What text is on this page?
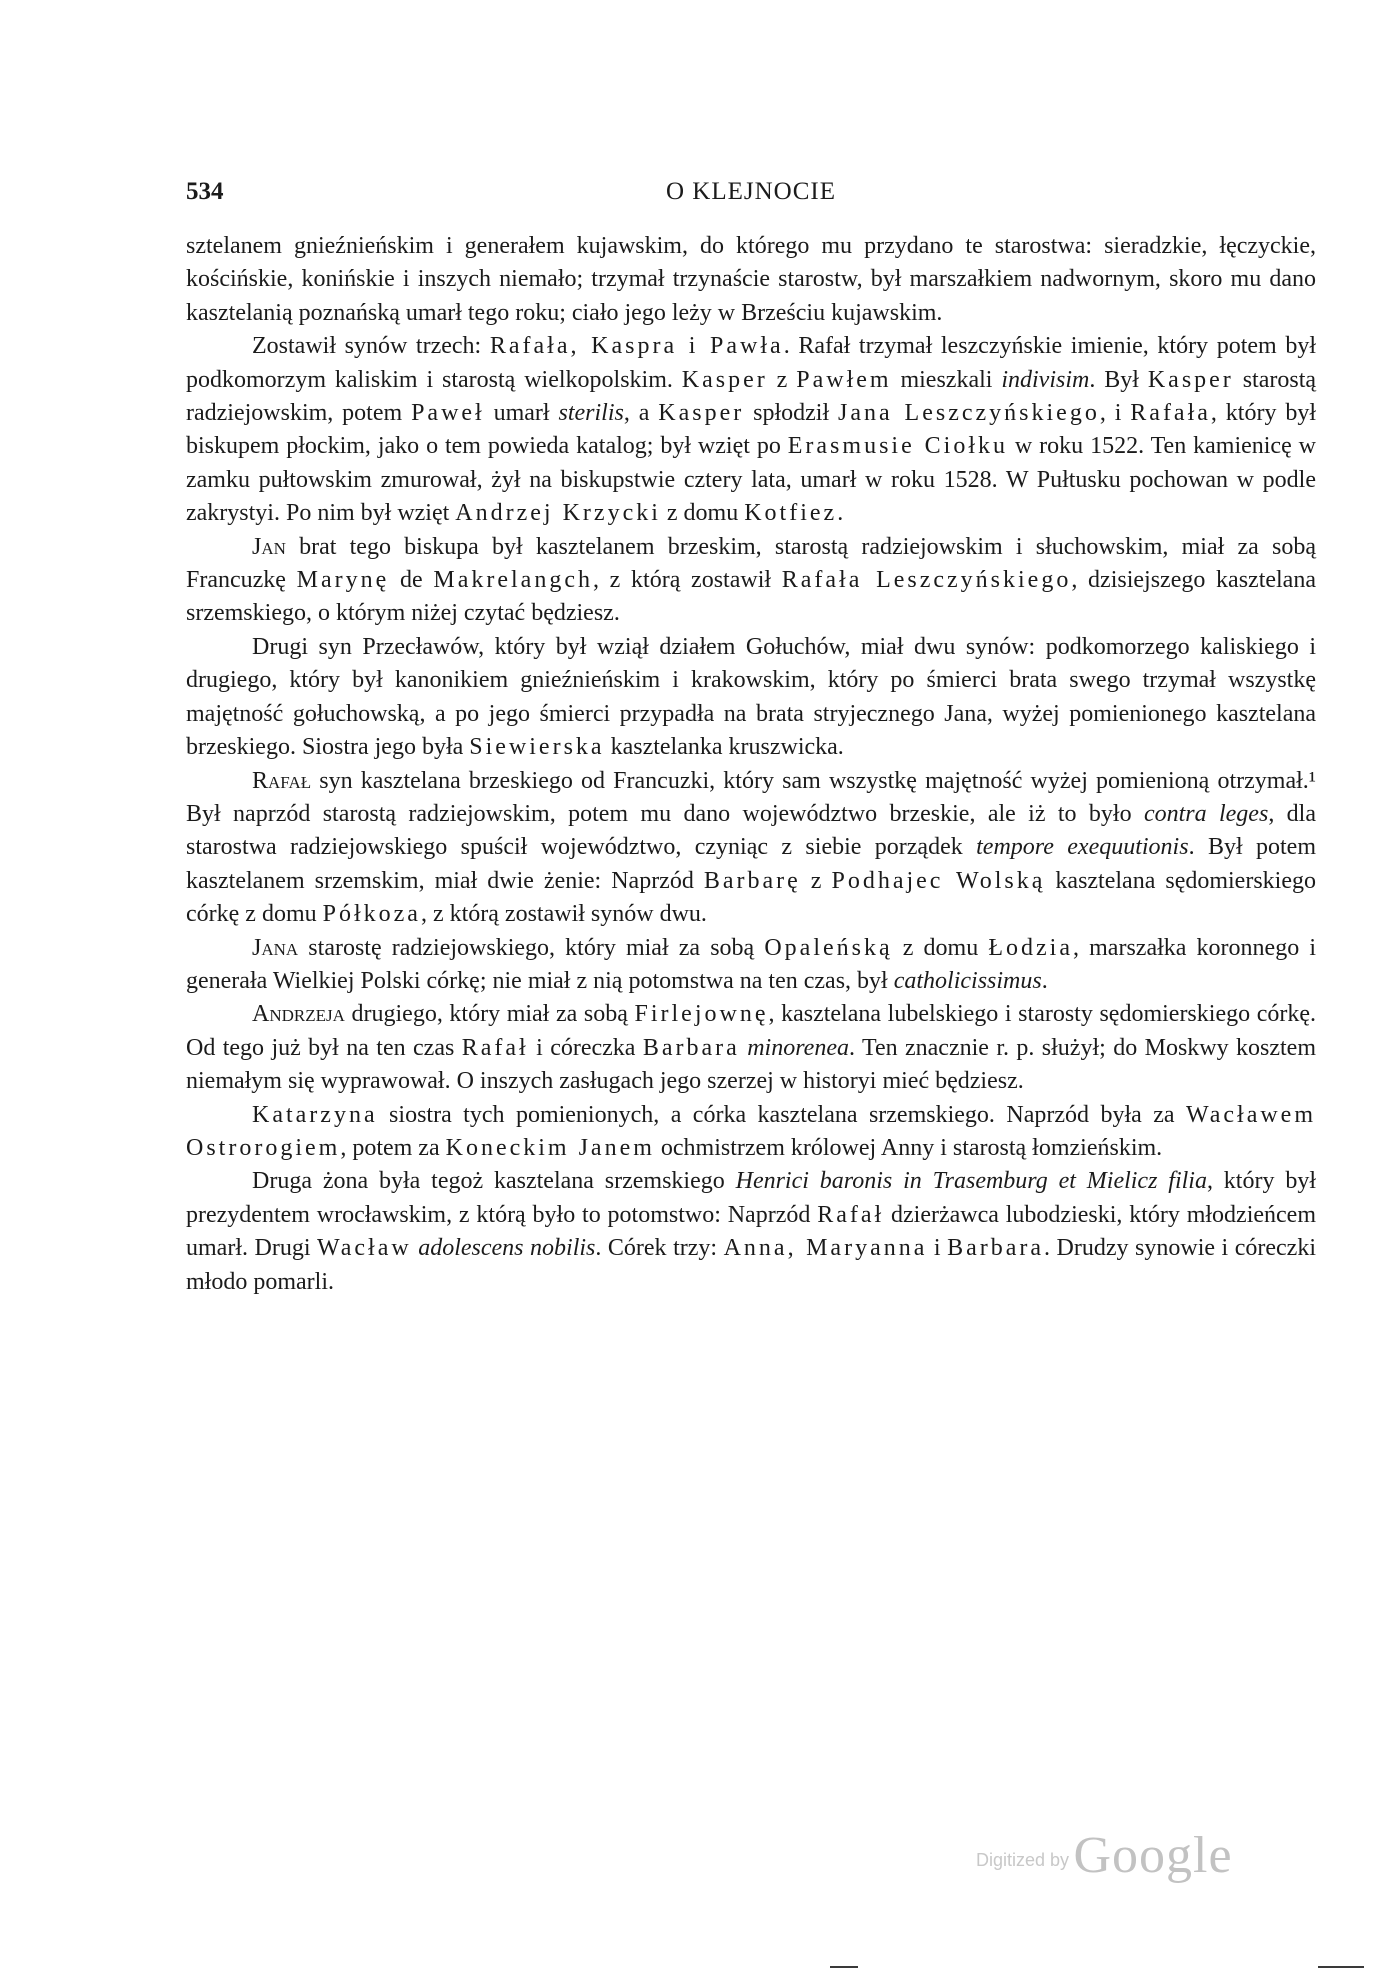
O KLEJNOCIE
534

sztelanem gnieźnieńskim i generałem kujawskim, do którego mu przydano te starostwa: sieradzkie, łęczyckie, kościńskie, konińskie i inszych niemało; trzymał trzynaście starostw, był marszałkiem nadwornym, skoro mu dano kasztelanią poznańską umarł tego roku; ciało jego leży w Brześciu kujawskim.

Zostawił synów trzech: Rafała, Kaspra i Pawła. Rafał trzymał leszczyńskie imienie, który potem był podkomorzym kaliskim i starostą wielkopolskim. Kasper z Pawłem mieszkali indivisim. Był Kasper starostą radziejowskim, potem Paweł umarł sterilis, a Kasper spłodził Jana Leszczyńskiego, i Rafała, który był biskupem płockim, jako o tem powieda katalog; był wzięt po Erasmusie Ciołku w roku 1522. Ten kamienicę w zamku pułtowskim zmurował, żył na biskupstwie cztery lata, umarł w roku 1528. W Pułtusku pochowan w podle zakrystyi. Po nim był wzięt Andrzej Krzycki z domu Kotfiez.

Jan brat tego biskupa był kasztelanem brzeskim, starostą radziejowskim i słuchowskim, miał za sobą Francuzkę Marynę de Makrelangch, z którą zostawił Rafała Leszczyńskiego, dzisiejszego kasztelana srzemskiego, o którym niżej czytać będziesz.

Drugi syn Przecławów, który był wziął działem Gołuchów, miał dwu synów: podkomorzego kaliskiego i drugiego, który był kanonikiem gnieźnieńskim i krakowskim, który po śmierci brata swego trzymał wszystkę majętność gołuchowską, a po jego śmierci przypadła na brata stryjecznego Jana, wyżej pomienionego kasztelana brzeskiego. Siostra jego była Siewierska kasztelanka kruszwicka.

Rafał syn kasztelana brzeskiego od Francuzki, który sam wszystkę majętność wyżej pomienioną otrzymał.¹ Był naprzód starostą radziejowskim, potem mu dano województwo brzeskie, ale iż to było contra leges, dla starostwa radziejowskiego spuścił województwo, czyniąc z siebie porządek tempore exequutionis. Był potem kasztelanem srzemskim, miał dwie żenie: Naprzód Barbarę z Podhajec Wolską kasztelana sędomierskiego córkę z domu Półkoza, z którą zostawił synów dwu.

Jana starostę radziejowskiego, który miał za sobą Opaleńską z domu Łodzia, marszałka koronnego i generała Wielkiej Polski córkę; nie miał z nią potomstwa na ten czas, był catholicissimus.

Andrzeja drugiego, który miał za sobą Firlejownę, kasztelana lubelskiego i starosty sędomierskiego córkę. Od tego już był na ten czas Rafał i córeczka Barbara minorenea. Ten znacznie r. p. służył; do Moskwy kosztem niemałym się wyprawował. O inszych zasługach jego szerzej w historyi mieć będziesz.

Katarzyna siostra tych pomienionych, a córka kasztelana srzemskiego. Naprzód była za Wacławem Ostrorogiem, potem za Koneckim Janem ochmistrzem królowej Anny i starostą łomzieńskim.

Druga żona była tegoż kasztelana srzemskiego Henrici baronis in Trasemburg et Mielicz filia, który był prezydentem wrocławskim, z którą było to potomstwo: Naprzód Rafał dzierżawca lubodzieski, który młodzieńcem umarł. Drugi Wacław adolescens nobilis. Córek trzy: Anna, Maryanna i Barbara. Drudzy synowie i córeczki młodo pomarli.

Digitized by Google
